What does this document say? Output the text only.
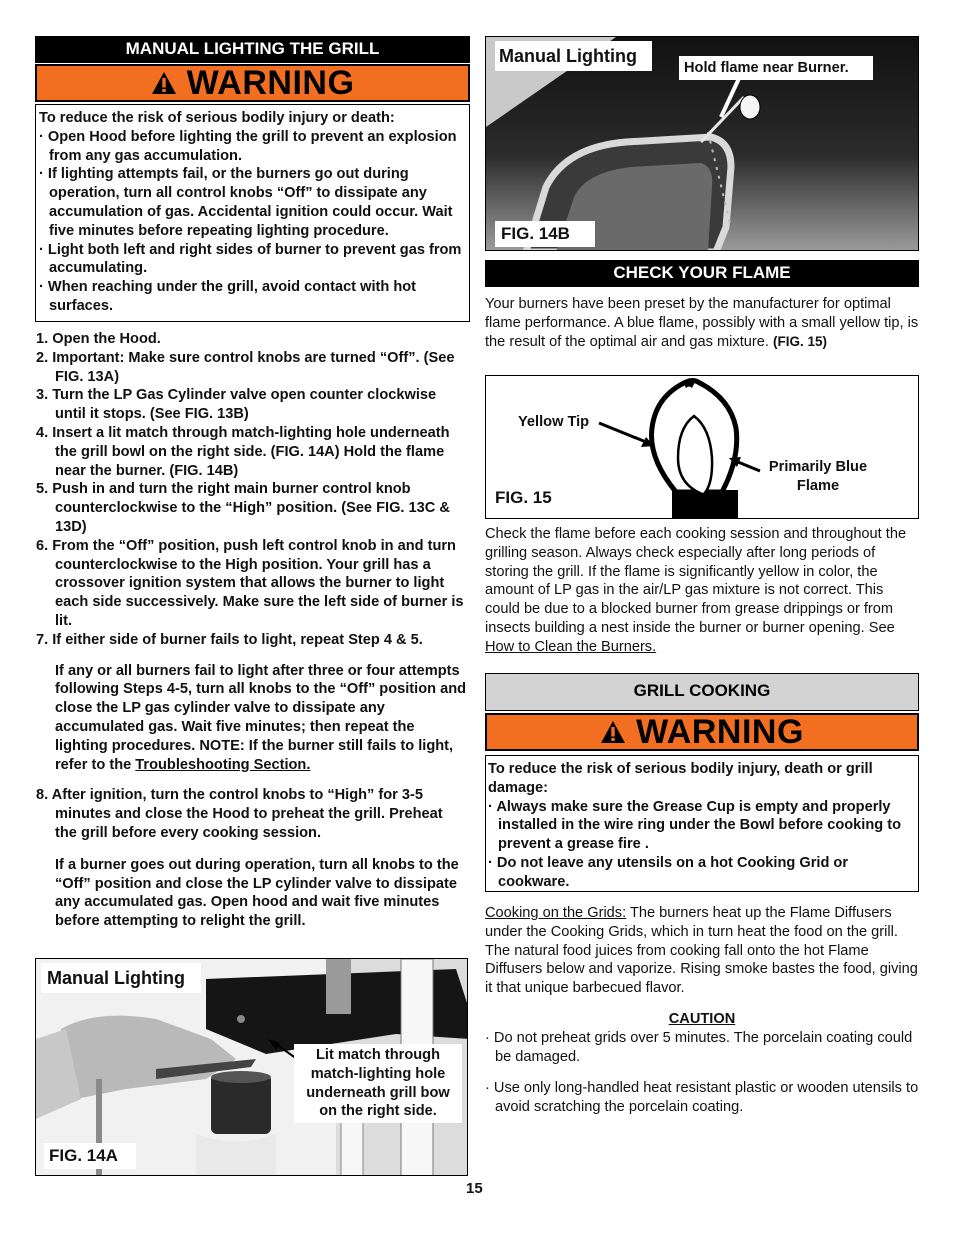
MANUAL LIGHTING THE GRILL
WARNING
To reduce the risk of serious bodily injury or death:
· Open Hood before lighting the grill to prevent an explosion from any gas accumulation.
· If lighting attempts fail, or the burners go out during operation, turn all control knobs “Off” to dissipate any accumulation of gas. Accidental ignition could occur. Wait five minutes before repeating lighting procedure.
· Light both left and right sides of burner to prevent gas from accumulating.
· When reaching under the grill, avoid contact with hot surfaces.
1. Open the Hood.
2. Important: Make sure control knobs are turned “Off”. (See FIG. 13A)
3. Turn the LP Gas Cylinder valve open counter clockwise until it stops. (See FIG. 13B)
4. Insert a lit match through match-lighting hole underneath the grill bowl on the right side. (FIG. 14A) Hold the flame near the burner. (FIG. 14B)
5. Push in and turn the right main burner control knob counterclockwise to the “High” position. (See FIG. 13C & 13D)
6. From the “Off” position, push left control knob in and turn counterclockwise to the High position. Your grill has a crossover ignition system that allows the burner to light each side successively. Make sure the left side of burner is lit.
7. If either side of burner fails to light, repeat Step 4 & 5.
If any or all burners fail to light after three or four attempts following Steps 4-5, turn all knobs to the “Off” position and close the LP gas cylinder valve to dissipate any accumulated gas. Wait five minutes; then repeat the lighting procedures. NOTE: If the burner still fails to light, refer to the Troubleshooting Section.
8. After ignition, turn the control knobs to “High” for 3-5 minutes and close the Hood to preheat the grill. Preheat the grill before every cooking session.
If a burner goes out during operation, turn all knobs to the “Off” position and close the LP cylinder valve to dissipate any accumulated gas. Open hood and wait five minutes before attempting to relight the grill.
Manual Lighting
Lit match through match-lighting hole underneath grill bow on the right side.
FIG. 14A
Manual Lighting
Hold flame near Burner.
FIG. 14B
CHECK YOUR FLAME
Your burners have been preset by the manufacturer for optimal flame performance. A blue flame, possibly with a small yellow tip, is the result of the optimal air and gas mixture. (FIG. 15)
Yellow Tip
Primarily Blue
Flame
FIG. 15
Check the flame before each cooking session and throughout the grilling season. Always check especially after long periods of storing the grill. If the flame is significantly yellow in color, the amount of LP gas in the air/LP gas mixture is not correct. This could be due to a blocked burner from grease drippings or from insects building a nest inside the burner or burner opening. See How to Clean the Burners.
GRILL COOKING
WARNING
To reduce the risk of serious bodily injury, death or grill damage:
· Always make sure the Grease Cup is empty and properly installed in the wire ring under the Bowl before cooking to prevent a grease fire .
· Do not leave any utensils on a hot Cooking Grid or cookware.
Cooking on the Grids: The burners heat up the Flame Diffusers under the Cooking Grids, which in turn heat the food on the grill. The natural food juices from cooking fall onto the hot Flame Diffusers below and vaporize. Rising smoke bastes the food, giving it that unique barbecued flavor.
CAUTION
· Do not preheat grids over 5 minutes. The porcelain coating could be damaged.
· Use only long-handled heat resistant plastic or wooden utensils to avoid scratching the porcelain coating.
15
